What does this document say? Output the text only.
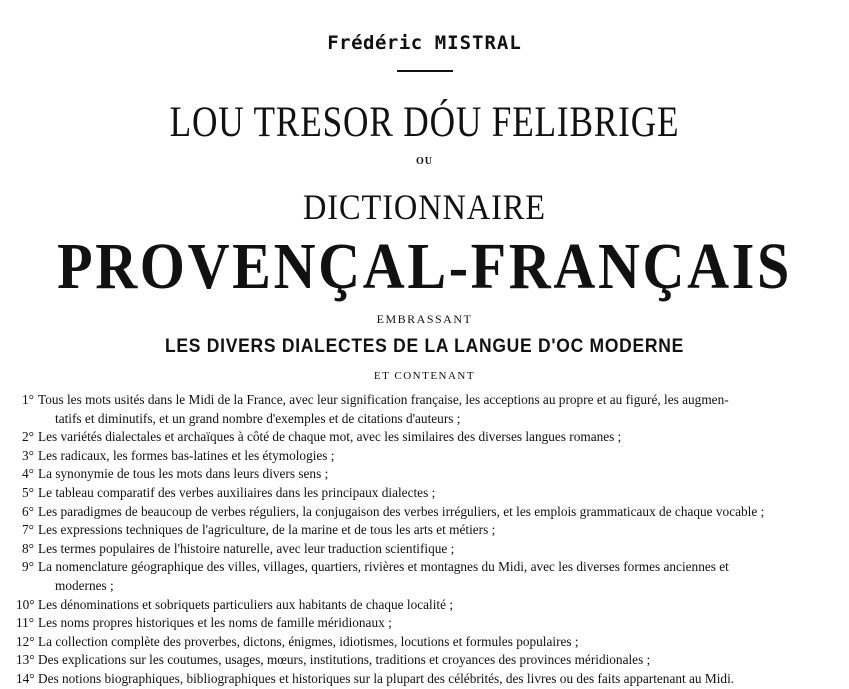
Frédéric MISTRAL
LOU TRESOR DÓU FELIBRIGE
OU
DICTIONNAIRE
PROVENÇAL-FRANÇAIS
EMBRASSANT
LES DIVERS DIALECTES DE LA LANGUE D'OC MODERNE
ET CONTENANT
1° Tous les mots usités dans le Midi de la France, avec leur signification française, les acceptions au propre et au figuré, les augmen-
tatifs et diminutifs, et un grand nombre d'exemples et de citations d'auteurs ;
2° Les variétés dialectales et archaïques à côté de chaque mot, avec les similaires des diverses langues romanes ;
3° Les radicaux, les formes bas-latines et les étymologies ;
4° La synonymie de tous les mots dans leurs divers sens ;
5° Le tableau comparatif des verbes auxiliaires dans les principaux dialectes ;
6° Les paradigmes de beaucoup de verbes réguliers, la conjugaison des verbes irréguliers, et les emplois grammaticaux de chaque vocable ;
7° Les expressions techniques de l'agriculture, de la marine et de tous les arts et métiers ;
8° Les termes populaires de l'histoire naturelle, avec leur traduction scientifique ;
9° La nomenclature géographique des villes, villages, quartiers, rivières et montagnes du Midi, avec les diverses formes anciennes et
modernes ;
10° Les dénominations et sobriquets particuliers aux habitants de chaque localité ;
11° Les noms propres historiques et les noms de famille méridionaux ;
12° La collection complète des proverbes, dictons, énigmes, idiotismes, locutions et formules populaires ;
13° Des explications sur les coutumes, usages, mœurs, institutions, traditions et croyances des provinces méridionales ;
14° Des notions biographiques, bibliographiques et historiques sur la plupart des célébrités, des livres ou des faits appartenant au Midi.
